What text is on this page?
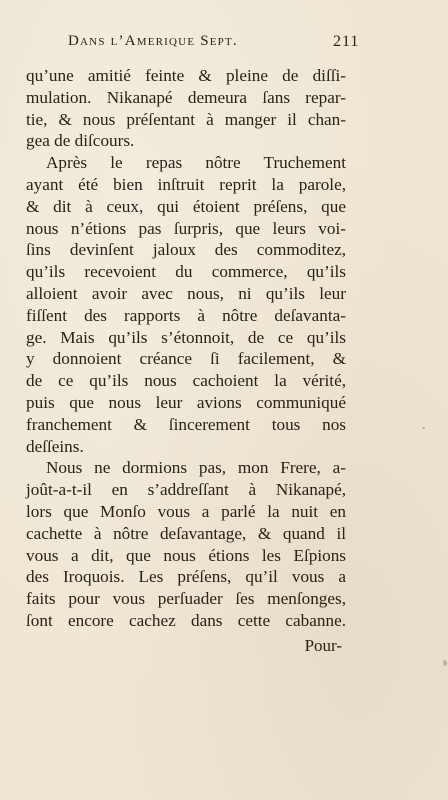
Dans l’Amerique Sept.	211
qu’une amitié feinte & pleine de diſſi-
mulation. Nikanapé demeura ſans repar-
tie, & nous préſentant à manger il chan-
gea de diſcours.
Après le repas nôtre Truchement
ayant été bien inſtruit reprit la parole,
& dit à ceux, qui étoient préſens, que
nous n’étions pas ſurpris, que leurs voi-
ſins devinſent jaloux des commoditez,
qu’ils recevoient du commerce, qu’ils
alloient avoir avec nous, ni qu’ils leur
fiſſent des rapports à nôtre deſavanta-
ge. Mais qu’ils s’étonnoit, de ce qu’ils
y donnoient créance ſi facilement, &
de ce qu’ils nous cachoient la vérité,
puis que nous leur avions communiqué
franchement & ſincerement tous nos
deſſeins.
Nous ne dormions pas, mon Frere, a-
joût-a-t-il en s’addreſſant à Nikanapé,
lors que Monſo vous a parlé la nuit en
cachette à nôtre deſavantage, & quand il
vous a dit, que nous étions les Eſpions
des Iroquois. Les préſens, qu’il vous a
faits pour vous perſuader ſes menſonges,
ſont encore cachez dans cette cabanne.
Pour-
